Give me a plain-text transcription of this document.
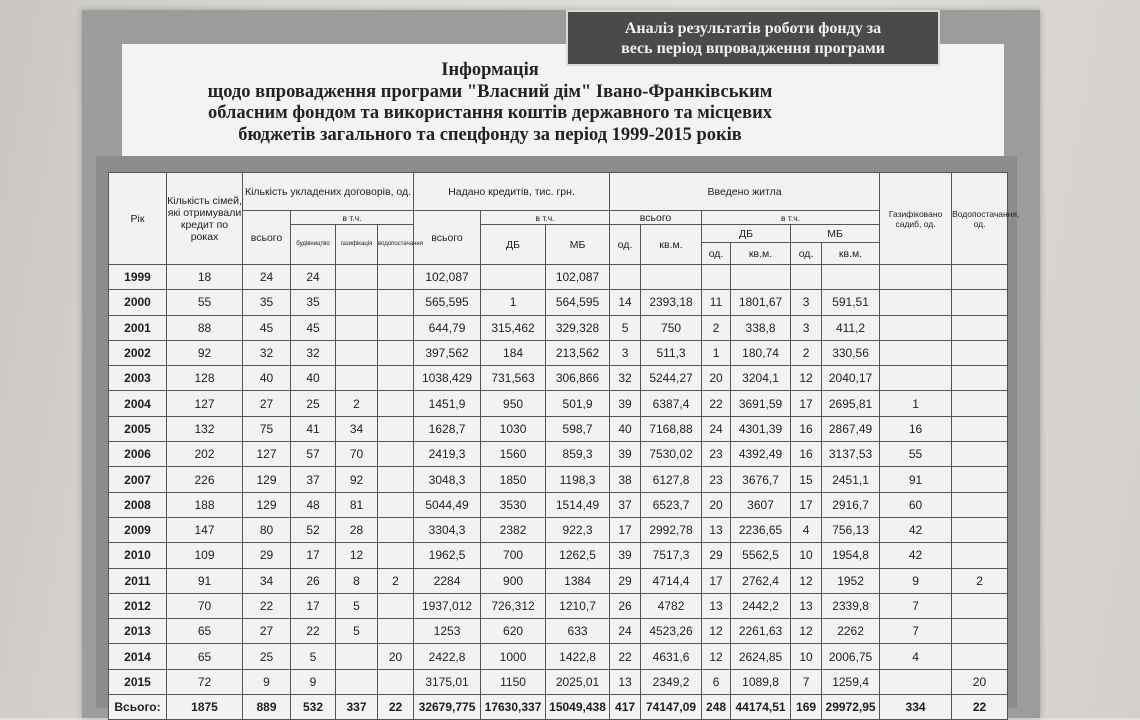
Аналіз результатів роботи фонду за
весь період впровадження програми
Інформація
щодо впровадження програми "Власний дім" Івано-Франківським
обласним фондом та використання коштів державного та місцевих
бюджетів загального та спецфонду за період 1999-2015 років
Рік	Кількість сімей, які отримували кредит по роках	Кількість укладених договорів, од.				Надано кредитів, тис. грн.			Введено житла						Газифіковано садиб, од.	Водопостачання, од.
		всього	в т.ч.			всього	в т.ч.		всього		в т.ч.					
			будівництво	газифікація	водопостачання		ДБ	МБ	од.	кв.м.	ДБ		МБ			
											од.	кв.м.	од.	кв.м.		
1999	18	24	24			102,087		102,087								
2000	55	35	35			565,595	1	564,595	14	2393,18	11	1801,67	3	591,51		
2001	88	45	45			644,79	315,462	329,328	5	750	2	338,8	3	411,2		
2002	92	32	32			397,562	184	213,562	3	511,3	1	180,74	2	330,56		
2003	128	40	40			1038,429	731,563	306,866	32	5244,27	20	3204,1	12	2040,17		
2004	127	27	25	2		1451,9	950	501,9	39	6387,4	22	3691,59	17	2695,81	1	
2005	132	75	41	34		1628,7	1030	598,7	40	7168,88	24	4301,39	16	2867,49	16	
2006	202	127	57	70		2419,3	1560	859,3	39	7530,02	23	4392,49	16	3137,53	55	
2007	226	129	37	92		3048,3	1850	1198,3	38	6127,8	23	3676,7	15	2451,1	91	
2008	188	129	48	81		5044,49	3530	1514,49	37	6523,7	20	3607	17	2916,7	60	
2009	147	80	52	28		3304,3	2382	922,3	17	2992,78	13	2236,65	4	756,13	42	
2010	109	29	17	12		1962,5	700	1262,5	39	7517,3	29	5562,5	10	1954,8	42	
2011	91	34	26	8	2	2284	900	1384	29	4714,4	17	2762,4	12	1952	9	2
2012	70	22	17	5		1937,012	726,312	1210,7	26	4782	13	2442,2	13	2339,8	7	
2013	65	27	22	5		1253	620	633	24	4523,26	12	2261,63	12	2262	7	
2014	65	25	5		20	2422,8	1000	1422,8	22	4631,6	12	2624,85	10	2006,75	4	
2015	72	9	9			3175,01	1150	2025,01	13	2349,2	6	1089,8	7	1259,4		20
Всього:	1875	889	532	337	22	32679,775	17630,337	15049,438	417	74147,09	248	44174,51	169	29972,95	334	22
